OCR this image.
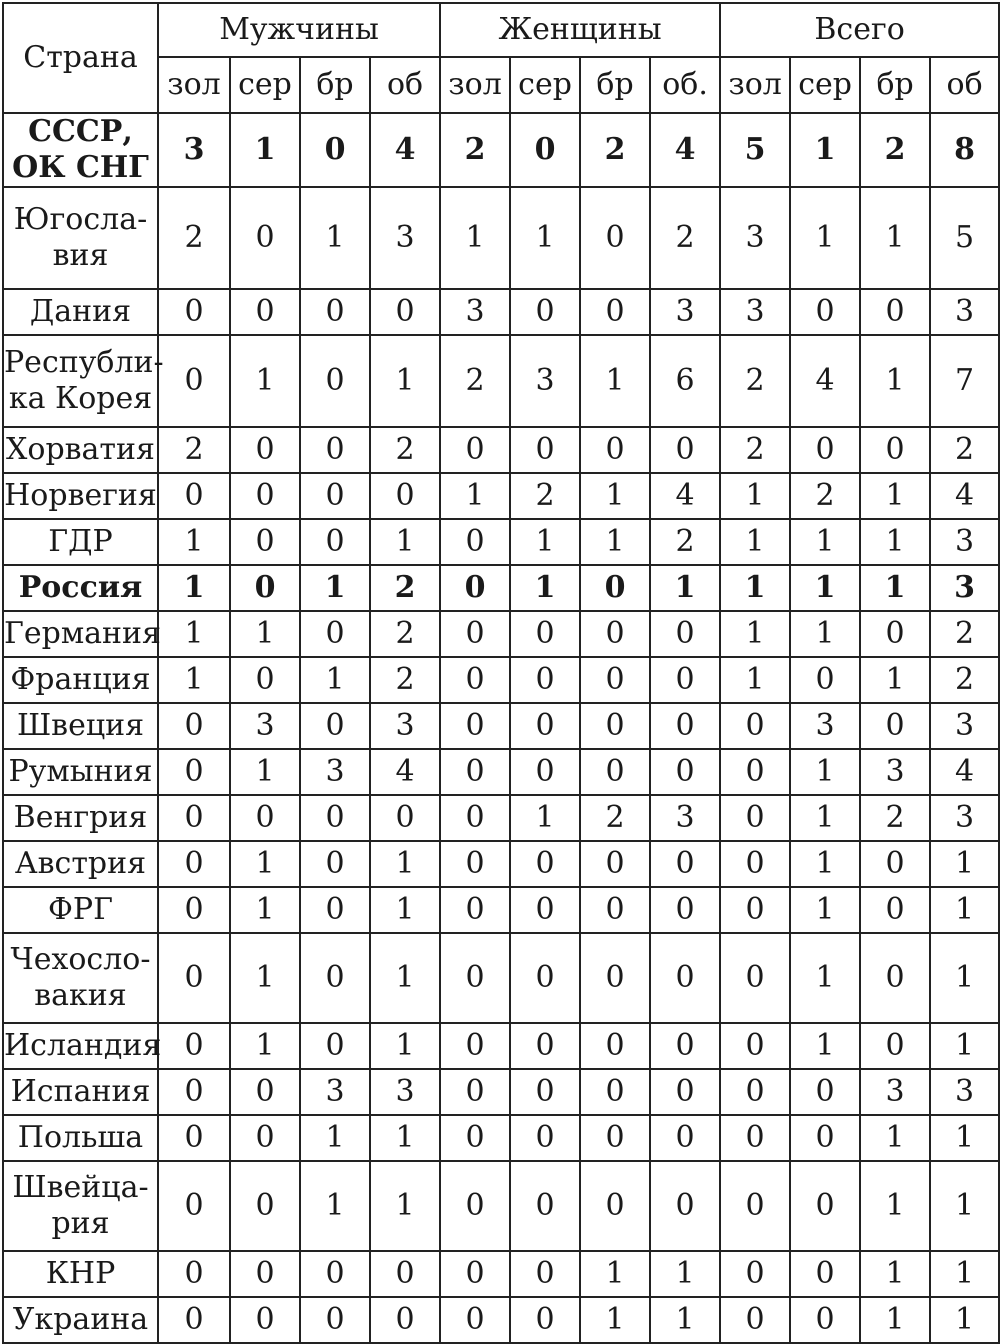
Страна	Мужчины				Женщины				Всего			
	зол	сер	бр	об	зол	сер	бр	об.	зол	сер	бр	об
СССР, ОК СНГ	3	1	0	4	2	0	2	4	5	1	2	8
Югосла-вия	2	0	1	3	1	1	0	2	3	1	1	5
Дания	0	0	0	0	3	0	0	3	3	0	0	3
Республи-ка Корея	0	1	0	1	2	3	1	6	2	4	1	7
Хорватия	2	0	0	2	0	0	0	0	2	0	0	2
Норвегия	0	0	0	0	1	2	1	4	1	2	1	4
ГДР	1	0	0	1	0	1	1	2	1	1	1	3
Россия	1	0	1	2	0	1	0	1	1	1	1	3
Германия	1	1	0	2	0	0	0	0	1	1	0	2
Франция	1	0	1	2	0	0	0	0	1	0	1	2
Швеция	0	3	0	3	0	0	0	0	0	3	0	3
Румыния	0	1	3	4	0	0	0	0	0	1	3	4
Венгрия	0	0	0	0	0	1	2	3	0	1	2	3
Австрия	0	1	0	1	0	0	0	0	0	1	0	1
ФРГ	0	1	0	1	0	0	0	0	0	1	0	1
Чехосло-вакия	0	1	0	1	0	0	0	0	0	1	0	1
Исландия	0	1	0	1	0	0	0	0	0	1	0	1
Испания	0	0	3	3	0	0	0	0	0	0	3	3
Польша	0	0	1	1	0	0	0	0	0	0	1	1
Швейца-рия	0	0	1	1	0	0	0	0	0	0	1	1
КНР	0	0	0	0	0	0	1	1	0	0	1	1
Украина	0	0	0	0	0	0	1	1	0	0	1	1
